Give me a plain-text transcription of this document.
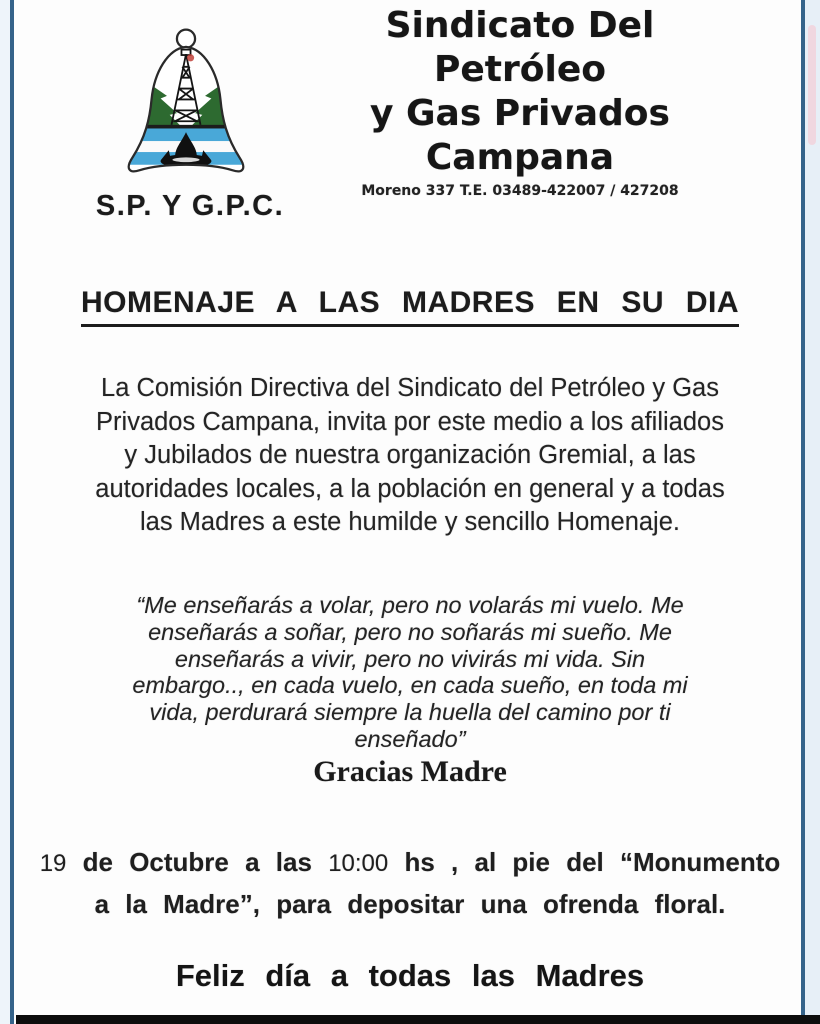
S.P. Y G.P.C.
Sindicato Del
Petróleo
y Gas Privados
Campana
Moreno 337 T.E. 03489-422007 / 427208
HOMENAJE A LAS MADRES EN SU DIA
La Comisión Directiva del Sindicato del Petróleo y Gas
Privados Campana, invita por este medio a los afiliados
y Jubilados de nuestra organización Gremial, a las
autoridades locales, a la población en general y a todas
las Madres a este humilde y sencillo Homenaje.
“Me enseñarás a volar, pero no volarás mi vuelo. Me
enseñarás a soñar, pero no soñarás mi sueño. Me
enseñarás a vivir, pero no vivirás mi vida. Sin
embargo.., en cada vuelo, en cada sueño, en toda mi
vida, perdurará siempre la huella del camino por ti
enseñado”
Gracias Madre
19 de Octubre a las 10:00 hs , al pie del “Monumento
a la Madre”, para depositar una ofrenda floral.
Feliz día a todas las Madres
